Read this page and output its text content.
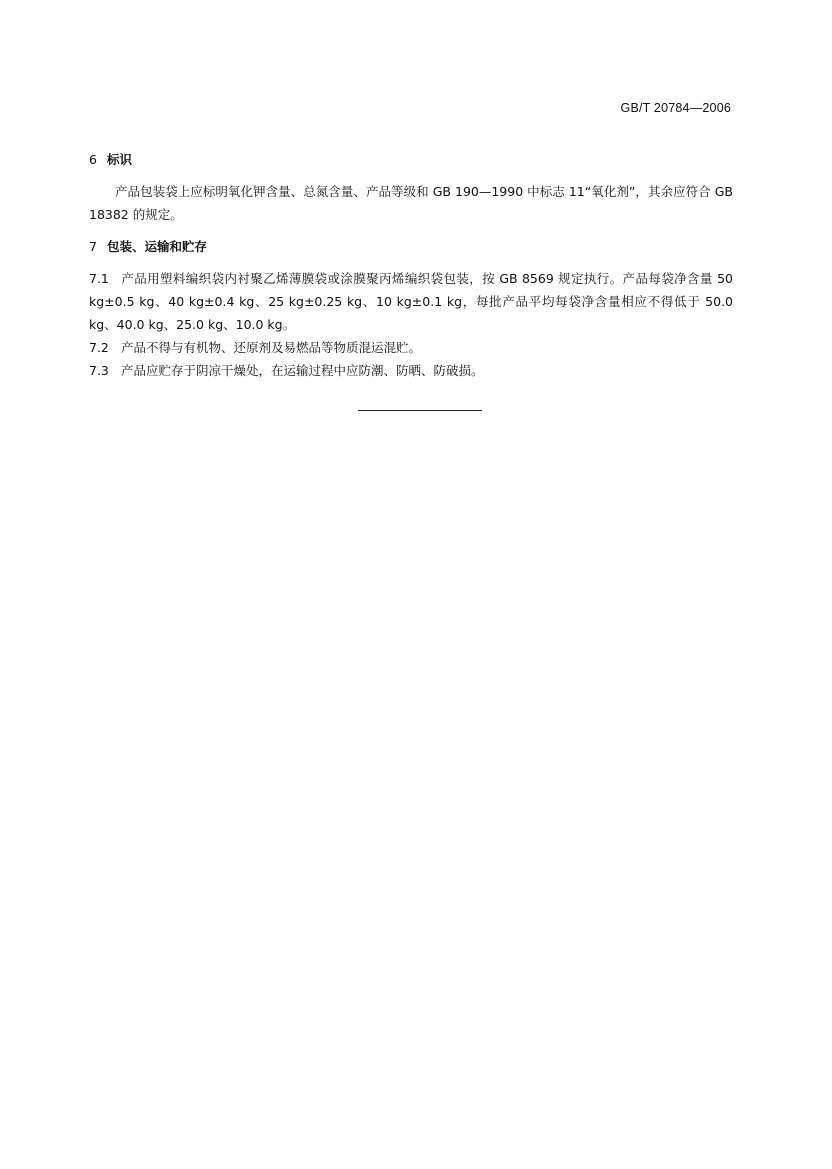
GB/T 20784—2006
6 标识
产品包装袋上应标明氧化钾含量、总氮含量、产品等级和 GB 190—1990 中标志 11“氧化剂”，其余应符合 GB 18382 的规定。
7 包装、运输和贮存
7.1 产品用塑料编织袋内衬聚乙烯薄膜袋或涂膜聚丙烯编织袋包装，按 GB 8569 规定执行。产品每袋净含量 50 kg±0.5 kg、40 kg±0.4 kg、25 kg±0.25 kg、10 kg±0.1 kg，每批产品平均每袋净含量相应不得低于 50.0 kg、40.0 kg、25.0 kg、10.0 kg。
7.2 产品不得与有机物、还原剂及易燃品等物质混运混贮。
7.3 产品应贮存于阴凉干燥处，在运输过程中应防潮、防晒、防破损。
